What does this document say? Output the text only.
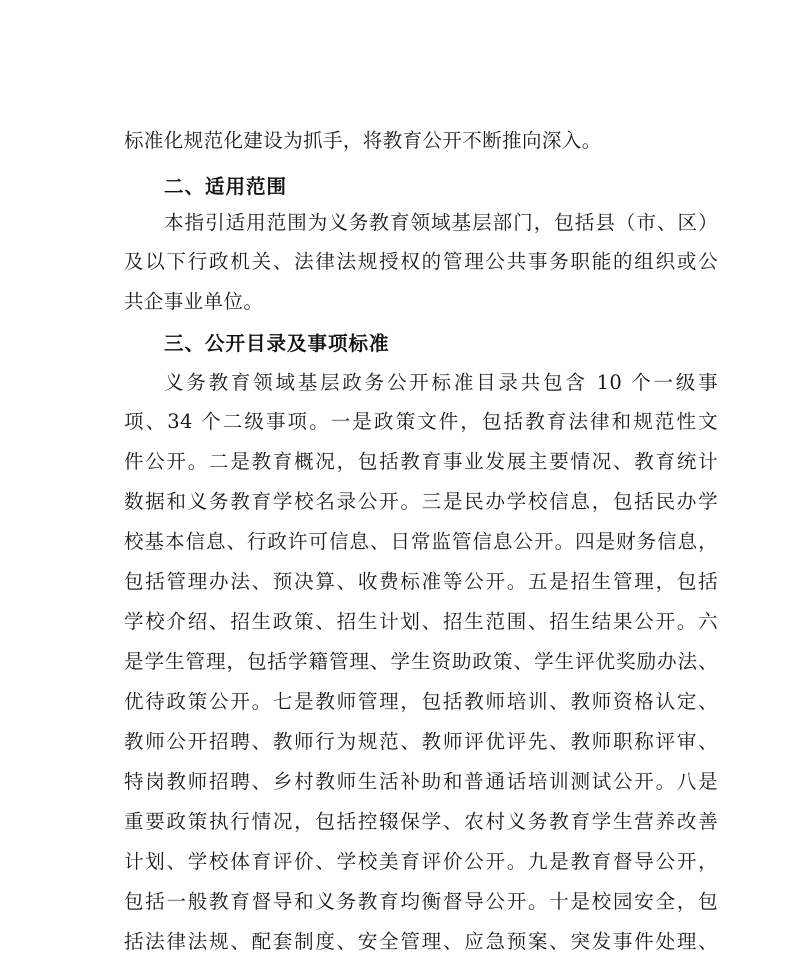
标准化规范化建设为抓手，将教育公开不断推向深入。
二、适用范围
本指引适用范围为义务教育领域基层部门，包括县（市、区）
及以下行政机关、法律法规授权的管理公共事务职能的组织或公
共企事业单位。
三、公开目录及事项标准
义务教育领域基层政务公开标准目录共包含 10 个一级事
项、34 个二级事项。一是政策文件，包括教育法律和规范性文
件公开。二是教育概况，包括教育事业发展主要情况、教育统计
数据和义务教育学校名录公开。三是民办学校信息，包括民办学
校基本信息、行政许可信息、日常监管信息公开。四是财务信息，
包括管理办法、预决算、收费标准等公开。五是招生管理，包括
学校介绍、招生政策、招生计划、招生范围、招生结果公开。六
是学生管理，包括学籍管理、学生资助政策、学生评优奖励办法、
优待政策公开。七是教师管理，包括教师培训、教师资格认定、
教师公开招聘、教师行为规范、教师评优评先、教师职称评审、
特岗教师招聘、乡村教师生活补助和普通话培训测试公开。八是
重要政策执行情况，包括控辍保学、农村义务教育学生营养改善
计划、学校体育评价、学校美育评价公开。九是教育督导公开，
包括一般教育督导和义务教育均衡督导公开。十是校园安全，包
括法律法规、配套制度、安全管理、应急预案、突发事件处理、
